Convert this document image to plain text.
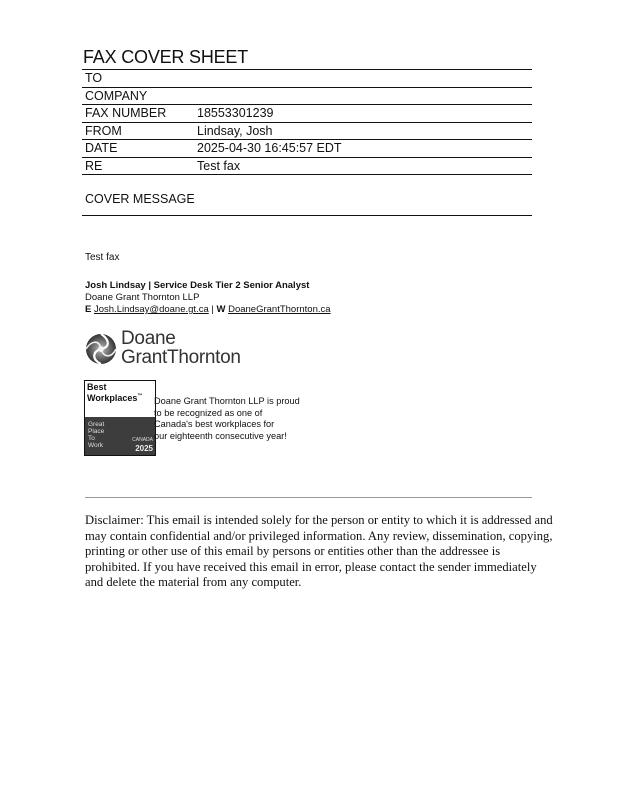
FAX COVER SHEET
TO	
COMPANY	
FAX NUMBER	18553301239
FROM	Lindsay, Josh
DATE	2025-04-30 16:45:57 EDT
RE	Test fax
COVER MESSAGE
Test fax
Josh Lindsay | Service Desk Tier 2 Senior Analyst
Doane Grant Thornton LLP
E Josh.Lindsay@doane.gt.ca | W DoaneGrantThornton.ca
Doane
GrantThornton
Best
Workplaces™
Great
Place
To
Work
CANADA
2025
Doane Grant Thornton LLP is proud
to be recognized as one of
Canada's best workplaces for
our eighteenth consecutive year!
Disclaimer: This email is intended solely for the person or entity to which it is addressed and may contain confidential and/or privileged information. Any review, dissemination, copying, printing or other use of this email by persons or entities other than the addressee is prohibited. If you have received this email in error, please contact the sender immediately and delete the material from any computer.
